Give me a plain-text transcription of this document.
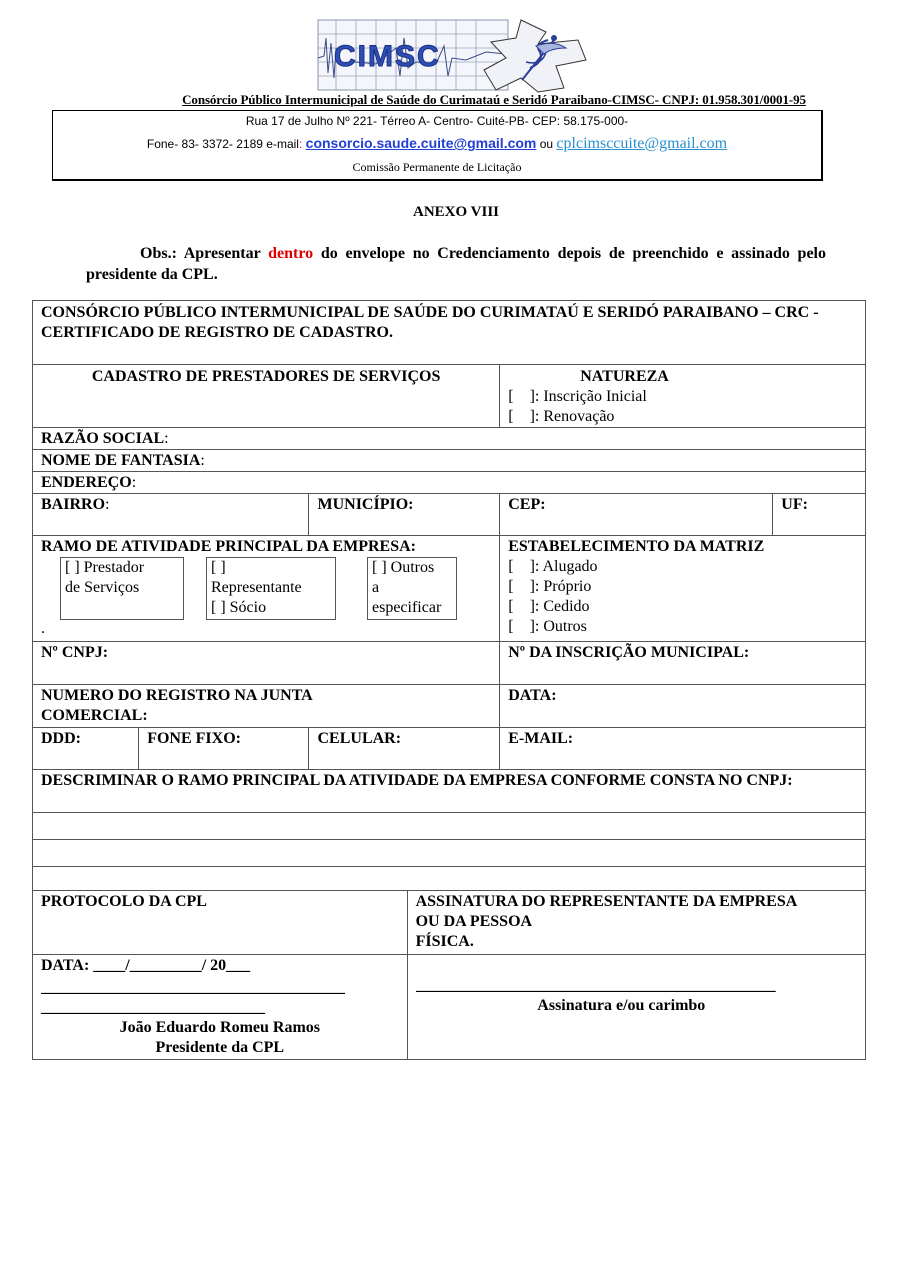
CIMSC
Consórcio Público Intermunicipal de Saúde do Curimataú e Seridó Paraibano-CIMSC- CNPJ: 01.958.301/0001-95
Rua 17 de Julho Nº 221- Térreo A- Centro- Cuité-PB- CEP: 58.175-000-
Fone- 83- 3372- 2189 e-mail: consorcio.saude.cuite@gmail.com ou cplcimsccuite@gmail.com
Comissão Permanente de Licitação
ANEXO VIII
Obs.: Apresentar dentro do envelope no Credenciamento depois de preenchido e assinado pelo presidente da CPL.
CONSÓRCIO PÚBLICO INTERMUNICIPAL DE SAÚDE DO CURIMATAÚ E SERIDÓ PARAIBANO – CRC - CERTIFICADO DE REGISTRO DE CADASTRO.				
CADASTRO DE PRESTADORES DE SERVIÇOS			NATUREZA
[    ]: Inscrição Inicial
[    ]: Renovação	

RAZÃO SOCIAL:				
NOME DE FANTASIA:				
ENDEREÇO:				
BAIRRO:		MUNICÍPIO:	CEP:	UF:

RAMO DE ATIVIDADE PRINCIPAL DA EMPRESA:
[ ] Prestador
de Serviços
[ ]
Representante
[ ] Sócio
[ ] Outros
a
especificar
.

ESTABELECIMENTO DA MATRIZ
[    ]: Alugado
[    ]: Próprio
[    ]: Cedido
[    ]: Outros

Nº CNPJ:			Nº DA INSCRIÇÃO MUNICIPAL:	
NUMERO DO REGISTRO NA JUNTA COMERCIAL:			DATA:	
DDD:	FONE FIXO:	CELULAR:	E-MAIL:	
DESCRIMINAR O RAMO PRINCIPAL DA ATIVIDADE DA EMPRESA CONFORME CONSTA NO CNPJ:				

PROTOCOLO DA CPL	ASSINATURA DO REPRESENTANTE DA EMPRESA
OU DA PESSOA
FÍSICA.

DATA: ____/_________/ 20___
______________________________________
____________________________
João Eduardo Romeu Ramos
Presidente da CPL

_____________________________________________
Assinatura e/ou carimbo
